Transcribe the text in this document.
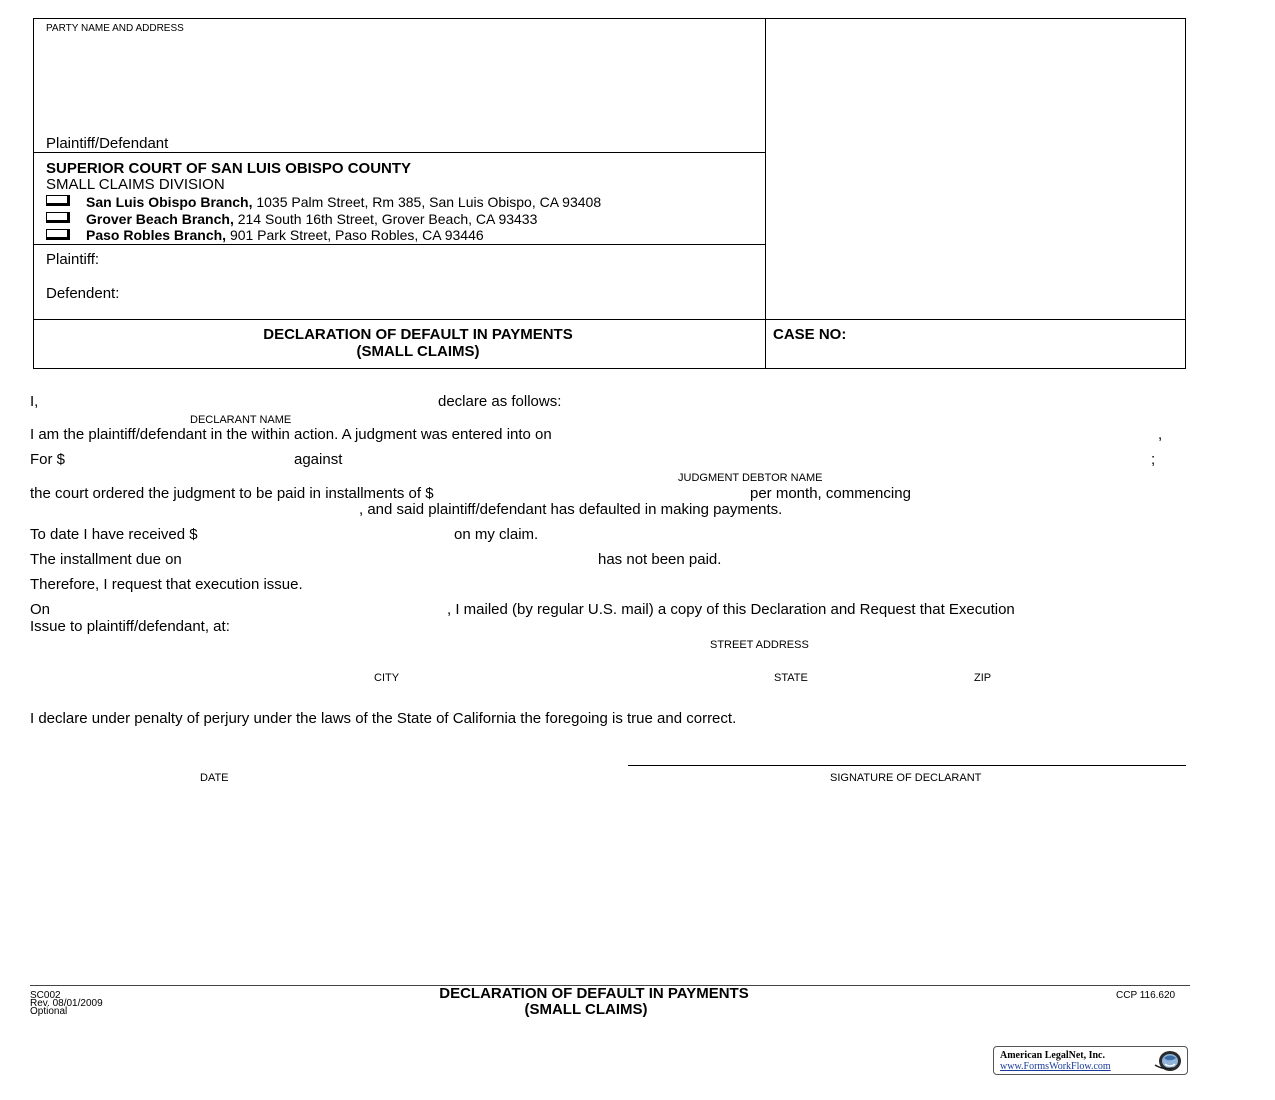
PARTY NAME AND ADDRESS
Plaintiff/Defendant
SUPERIOR COURT OF SAN LUIS OBISPO COUNTY
SMALL CLAIMS DIVISION
San Luis Obispo Branch, 1035 Palm Street, Rm 385, San Luis Obispo, CA 93408
Grover Beach Branch, 214 South 16th Street, Grover Beach, CA 93433
Paso Robles Branch, 901 Park Street, Paso Robles, CA 93446
Plaintiff:
Defendent:
DECLARATION OF DEFAULT IN PAYMENTS
(SMALL CLAIMS)
CASE NO:
I,	declare as follows:
DECLARANT NAME
I am the plaintiff/defendant in the within action. A judgment was entered into on	,
For $	against	;
JUDGMENT DEBTOR NAME
the court ordered the judgment to be paid in installments of $	per month, commencing
, and said plaintiff/defendant has defaulted in making payments.
To date I have received $	on my claim.
The installment due on	has not been paid.
Therefore, I request that execution issue.
On	, I mailed (by regular U.S. mail) a copy of this Declaration and Request that Execution
Issue to plaintiff/defendant, at:
STREET ADDRESS
CITY	STATE	ZIP
I declare under penalty of perjury under the laws of the State of California the foregoing is true and correct.
DATE	SIGNATURE OF DECLARANT
SC002
Rev. 08/01/2009
Optional
DECLARATION OF DEFAULT IN PAYMENTS
(SMALL CLAIMS)
CCP 116.620
American LegalNet, Inc.
www.FormsWorkFlow.com
